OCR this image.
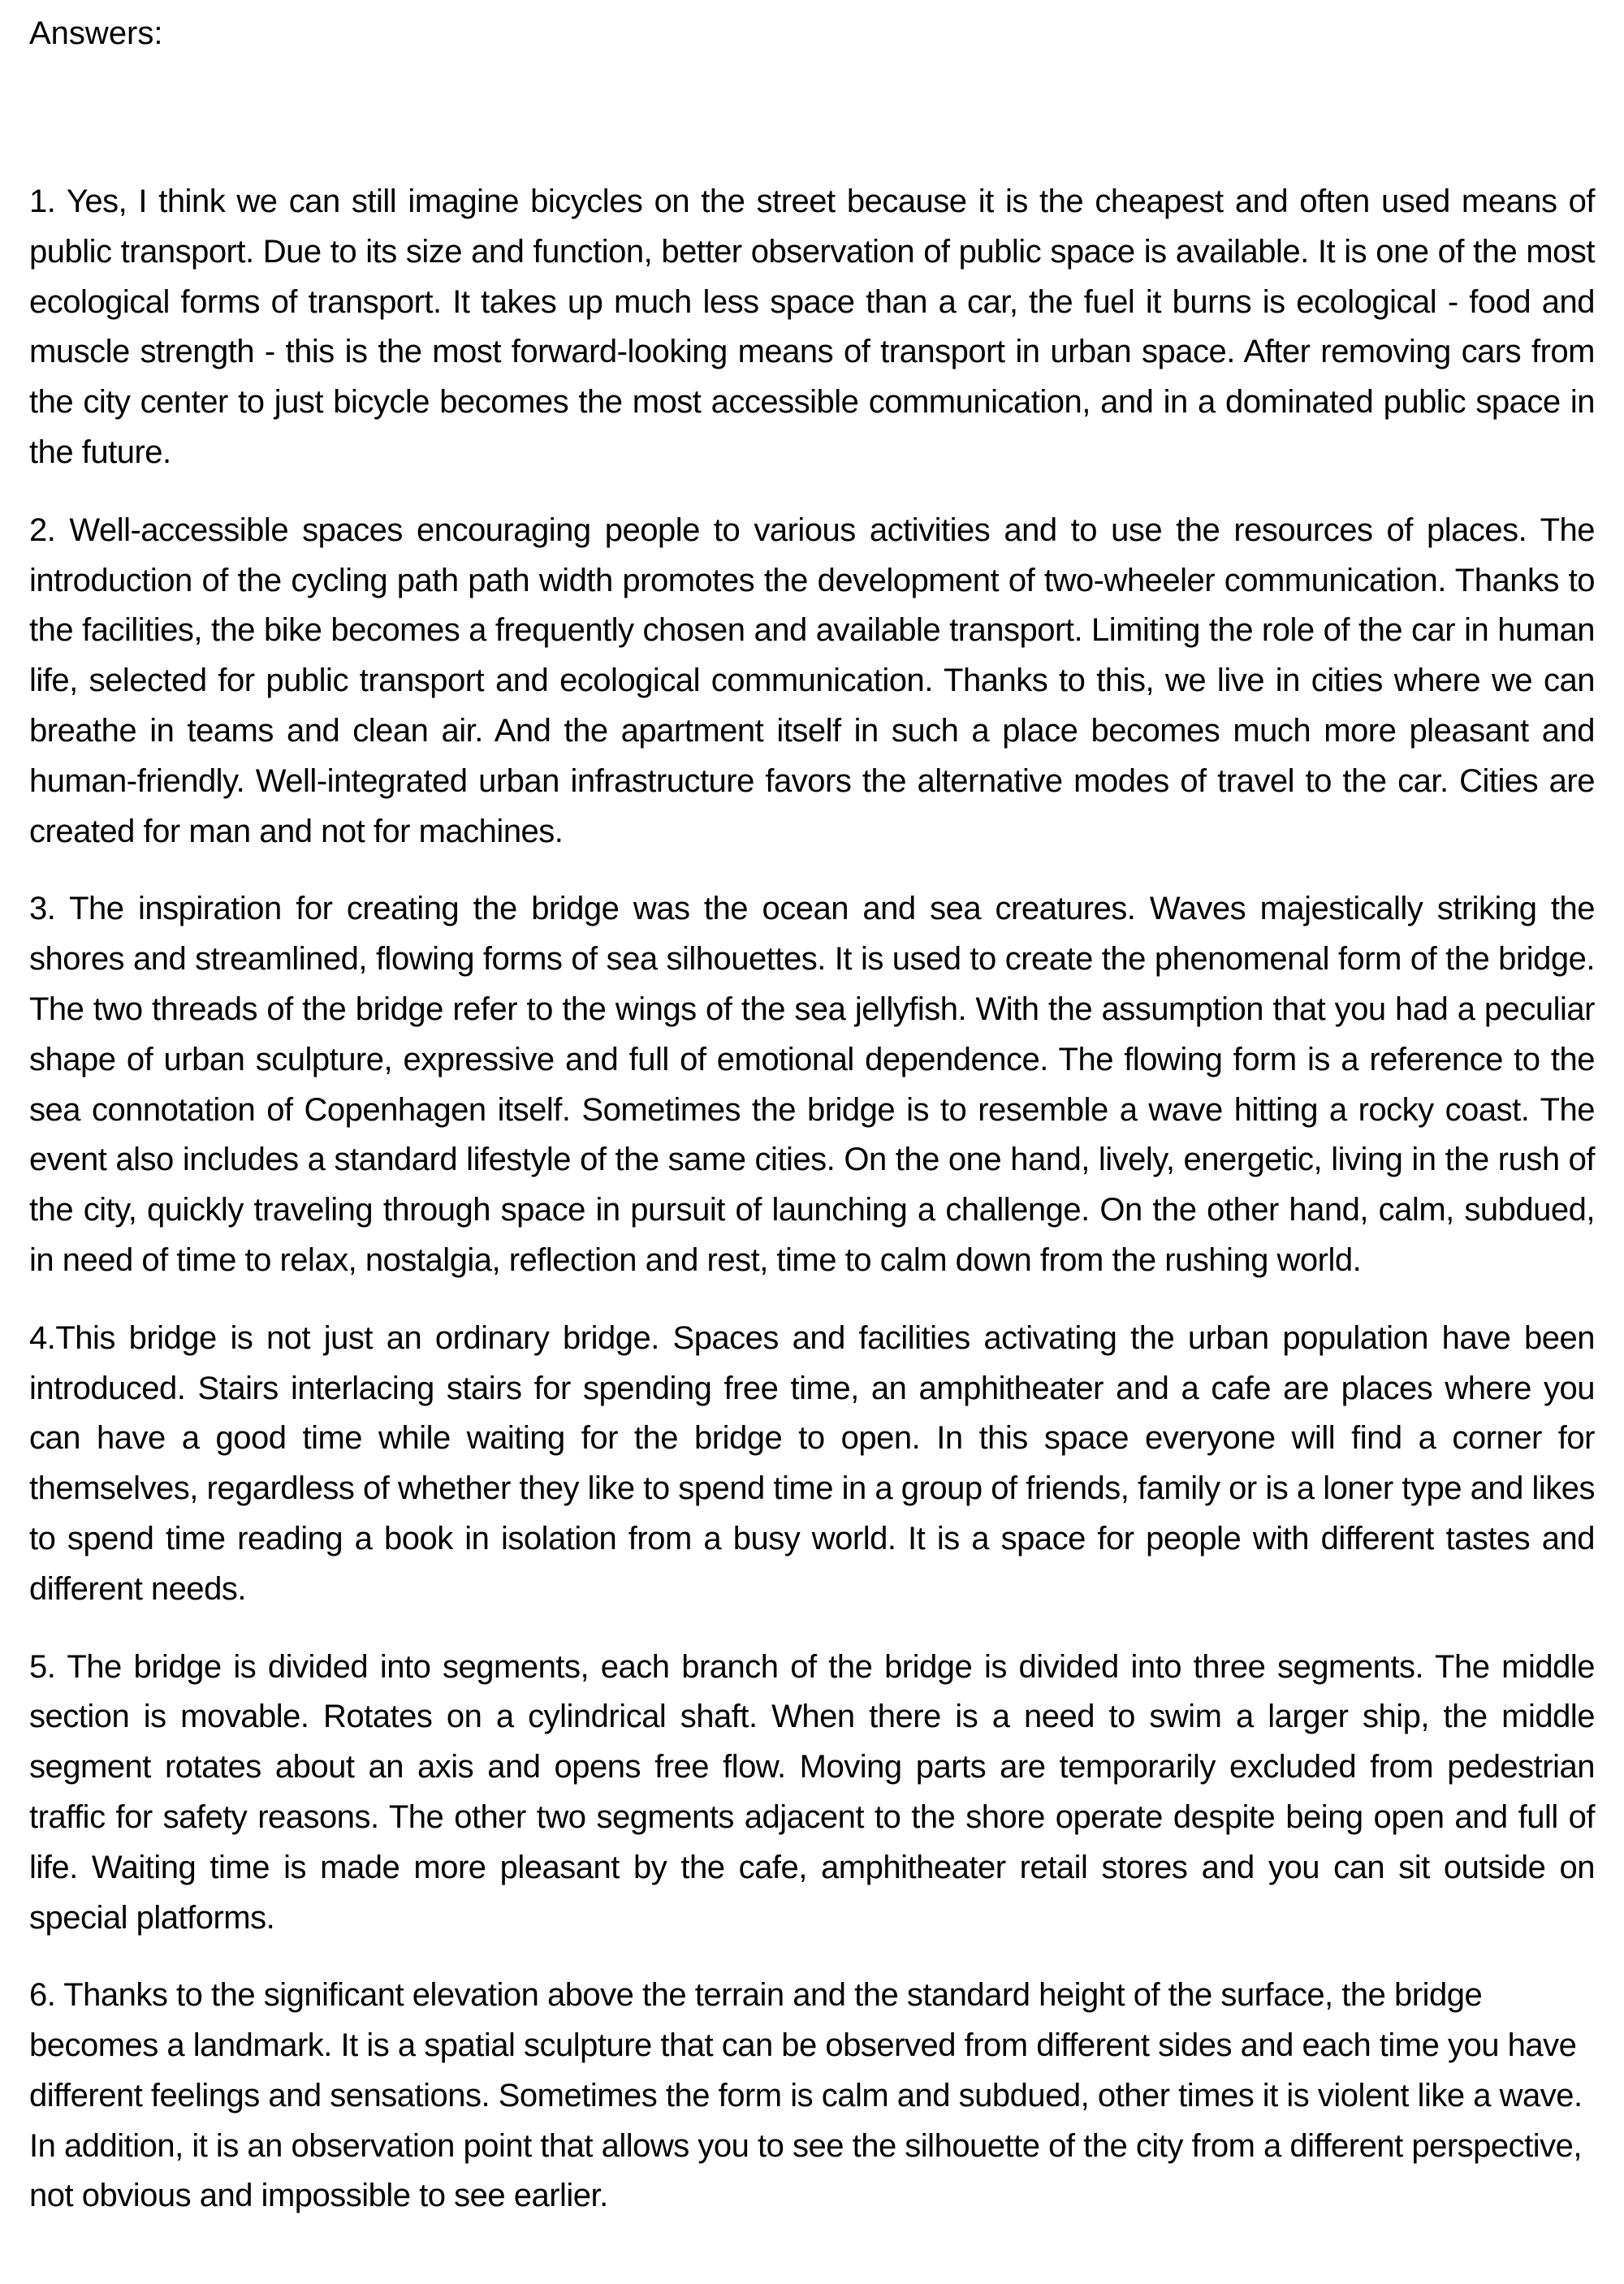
Answers:

1. Yes, I think we can still imagine bicycles on the street because it is the cheapest and often used means of public transport. Due to its size and function, better observation of public space is available. It is one of the most ecological forms of transport. It takes up much less space than a car, the fuel it burns is ecological - food and muscle strength - this is the most forward-looking means of transport in urban space. After removing cars from the city center to just bicycle becomes the most accessible communication, and in a dominated public space in the future.

2. Well-accessible spaces encouraging people to various activities and to use the resources of places. The introduction of the cycling path path width promotes the development of two-wheeler communication. Thanks to the facilities, the bike becomes a frequently chosen and available transport. Limiting the role of the car in human life, selected for public transport and ecological communication. Thanks to this, we live in cities where we can breathe in teams and clean air. And the apartment itself in such a place becomes much more pleasant and human-friendly. Well-integrated urban infrastructure favors the alternative modes of travel to the car. Cities are created for man and not for machines.

3. The inspiration for creating the bridge was the ocean and sea creatures. Waves majestically striking the shores and streamlined, flowing forms of sea silhouettes. It is used to create the phenomenal form of the bridge. The two threads of the bridge refer to the wings of the sea jellyfish. With the assumption that you had a peculiar shape of urban sculpture, expressive and full of emotional dependence. The flowing form is a reference to the sea connotation of Copenhagen itself. Sometimes the bridge is to resemble a wave hitting a rocky coast. The event also includes a standard lifestyle of the same cities. On the one hand, lively, energetic, living in the rush of the city, quickly traveling through space in pursuit of launching a challenge. On the other hand, calm, subdued, in need of time to relax, nostalgia, reflection and rest, time to calm down from the rushing world.

4.This bridge is not just an ordinary bridge. Spaces and facilities activating the urban population have been introduced. Stairs interlacing stairs for spending free time, an amphitheater and a cafe are places where you can have a good time while waiting for the bridge to open. In this space everyone will find a corner for themselves, regardless of whether they like to spend time in a group of friends, family or is a loner type and likes to spend time reading a book in isolation from a busy world. It is a space for people with different tastes and different needs.

5. The bridge is divided into segments, each branch of the bridge is divided into three segments. The middle section is movable. Rotates on a cylindrical shaft. When there is a need to swim a larger ship, the middle segment rotates about an axis and opens free flow. Moving parts are temporarily excluded from pedestrian traffic for safety reasons. The other two segments adjacent to the shore operate despite being open and full of life. Waiting time is made more pleasant by the cafe, amphitheater retail stores and you can sit outside on special platforms.

6. Thanks to the significant elevation above the terrain and the standard height of the surface, the bridge becomes a landmark. It is a spatial sculpture that can be observed from different sides and each time you have different feelings and sensations. Sometimes the form is calm and subdued, other times it is violent like a wave. In addition, it is an observation point that allows you to see the silhouette of the city from a different perspective, not obvious and impossible to see earlier.
